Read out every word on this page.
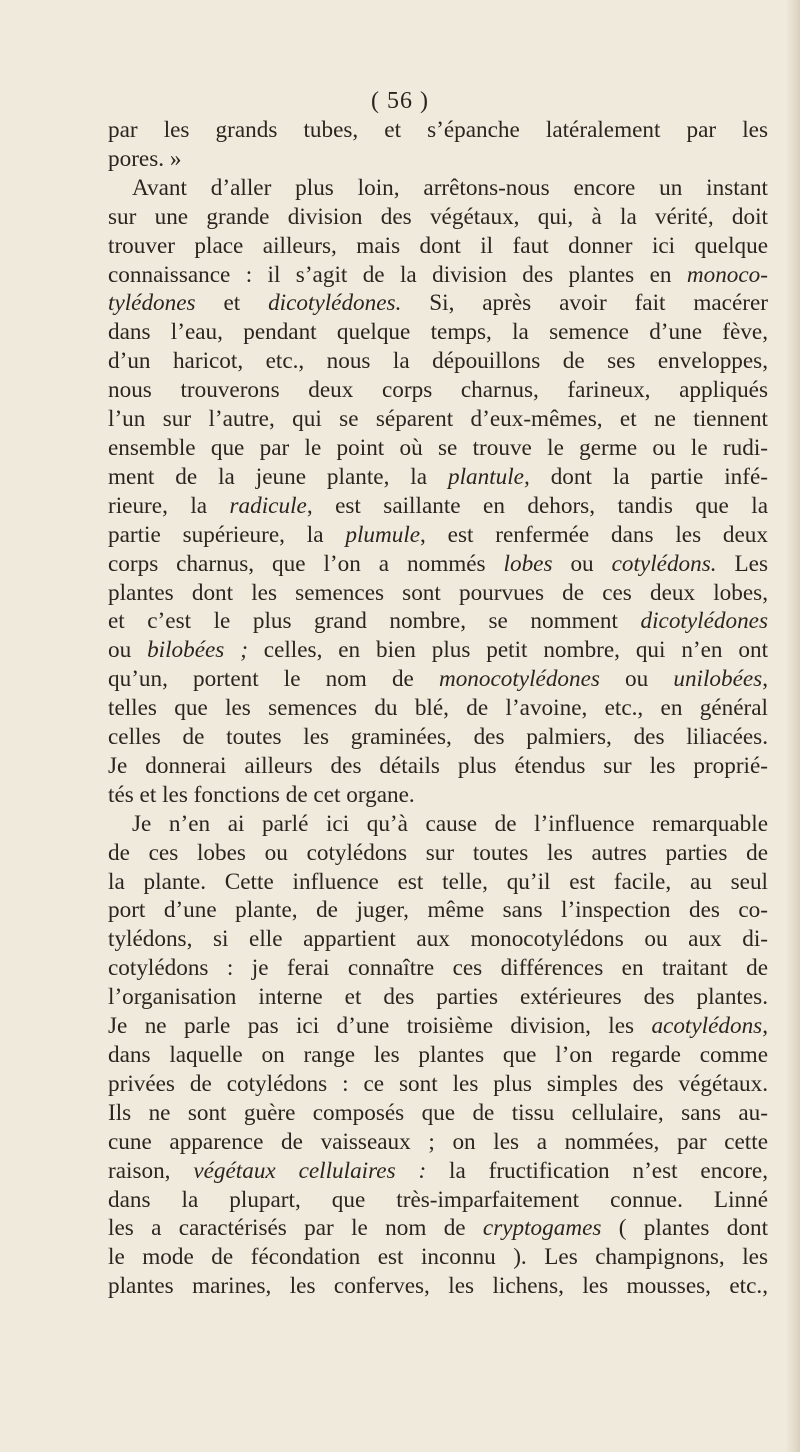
( 56 )
par les grands tubes, et s’épanche latéralement par les
pores. »
Avant d’aller plus loin, arrêtons-nous encore un instant
sur une grande division des végétaux, qui, à la vérité, doit
trouver place ailleurs, mais dont il faut donner ici quelque
connaissance : il s’agit de la division des plantes en monoco-
tylédones et dicotylédones. Si, après avoir fait macérer
dans l’eau, pendant quelque temps, la semence d’une fève,
d’un haricot, etc., nous la dépouillons de ses enveloppes,
nous trouverons deux corps charnus, farineux, appliqués
l’un sur l’autre, qui se séparent d’eux-mêmes, et ne tiennent
ensemble que par le point où se trouve le germe ou le rudi-
ment de la jeune plante, la plantule, dont la partie infé-
rieure, la radicule, est saillante en dehors, tandis que la
partie supérieure, la plumule, est renfermée dans les deux
corps charnus, que l’on a nommés lobes ou cotylédons. Les
plantes dont les semences sont pourvues de ces deux lobes,
et c’est le plus grand nombre, se nomment dicotylédones
ou bilobées ; celles, en bien plus petit nombre, qui n’en ont
qu’un, portent le nom de monocotylédones ou unilobées,
telles que les semences du blé, de l’avoine, etc., en général
celles de toutes les graminées, des palmiers, des liliacées.
Je donnerai ailleurs des détails plus étendus sur les proprié-
tés et les fonctions de cet organe.
Je n’en ai parlé ici qu’à cause de l’influence remarquable
de ces lobes ou cotylédons sur toutes les autres parties de
la plante. Cette influence est telle, qu’il est facile, au seul
port d’une plante, de juger, même sans l’inspection des co-
tylédons, si elle appartient aux monocotylédons ou aux di-
cotylédons : je ferai connaître ces différences en traitant de
l’organisation interne et des parties extérieures des plantes.
Je ne parle pas ici d’une troisième division, les acotylédons,
dans laquelle on range les plantes que l’on regarde comme
privées de cotylédons : ce sont les plus simples des végétaux.
Ils ne sont guère composés que de tissu cellulaire, sans au-
cune apparence de vaisseaux ; on les a nommées, par cette
raison, végétaux cellulaires : la fructification n’est encore,
dans la plupart, que très-imparfaitement connue. Linné
les a caractérisés par le nom de cryptogames ( plantes dont
le mode de fécondation est inconnu ). Les champignons, les
plantes marines, les conferves, les lichens, les mousses, etc.,
